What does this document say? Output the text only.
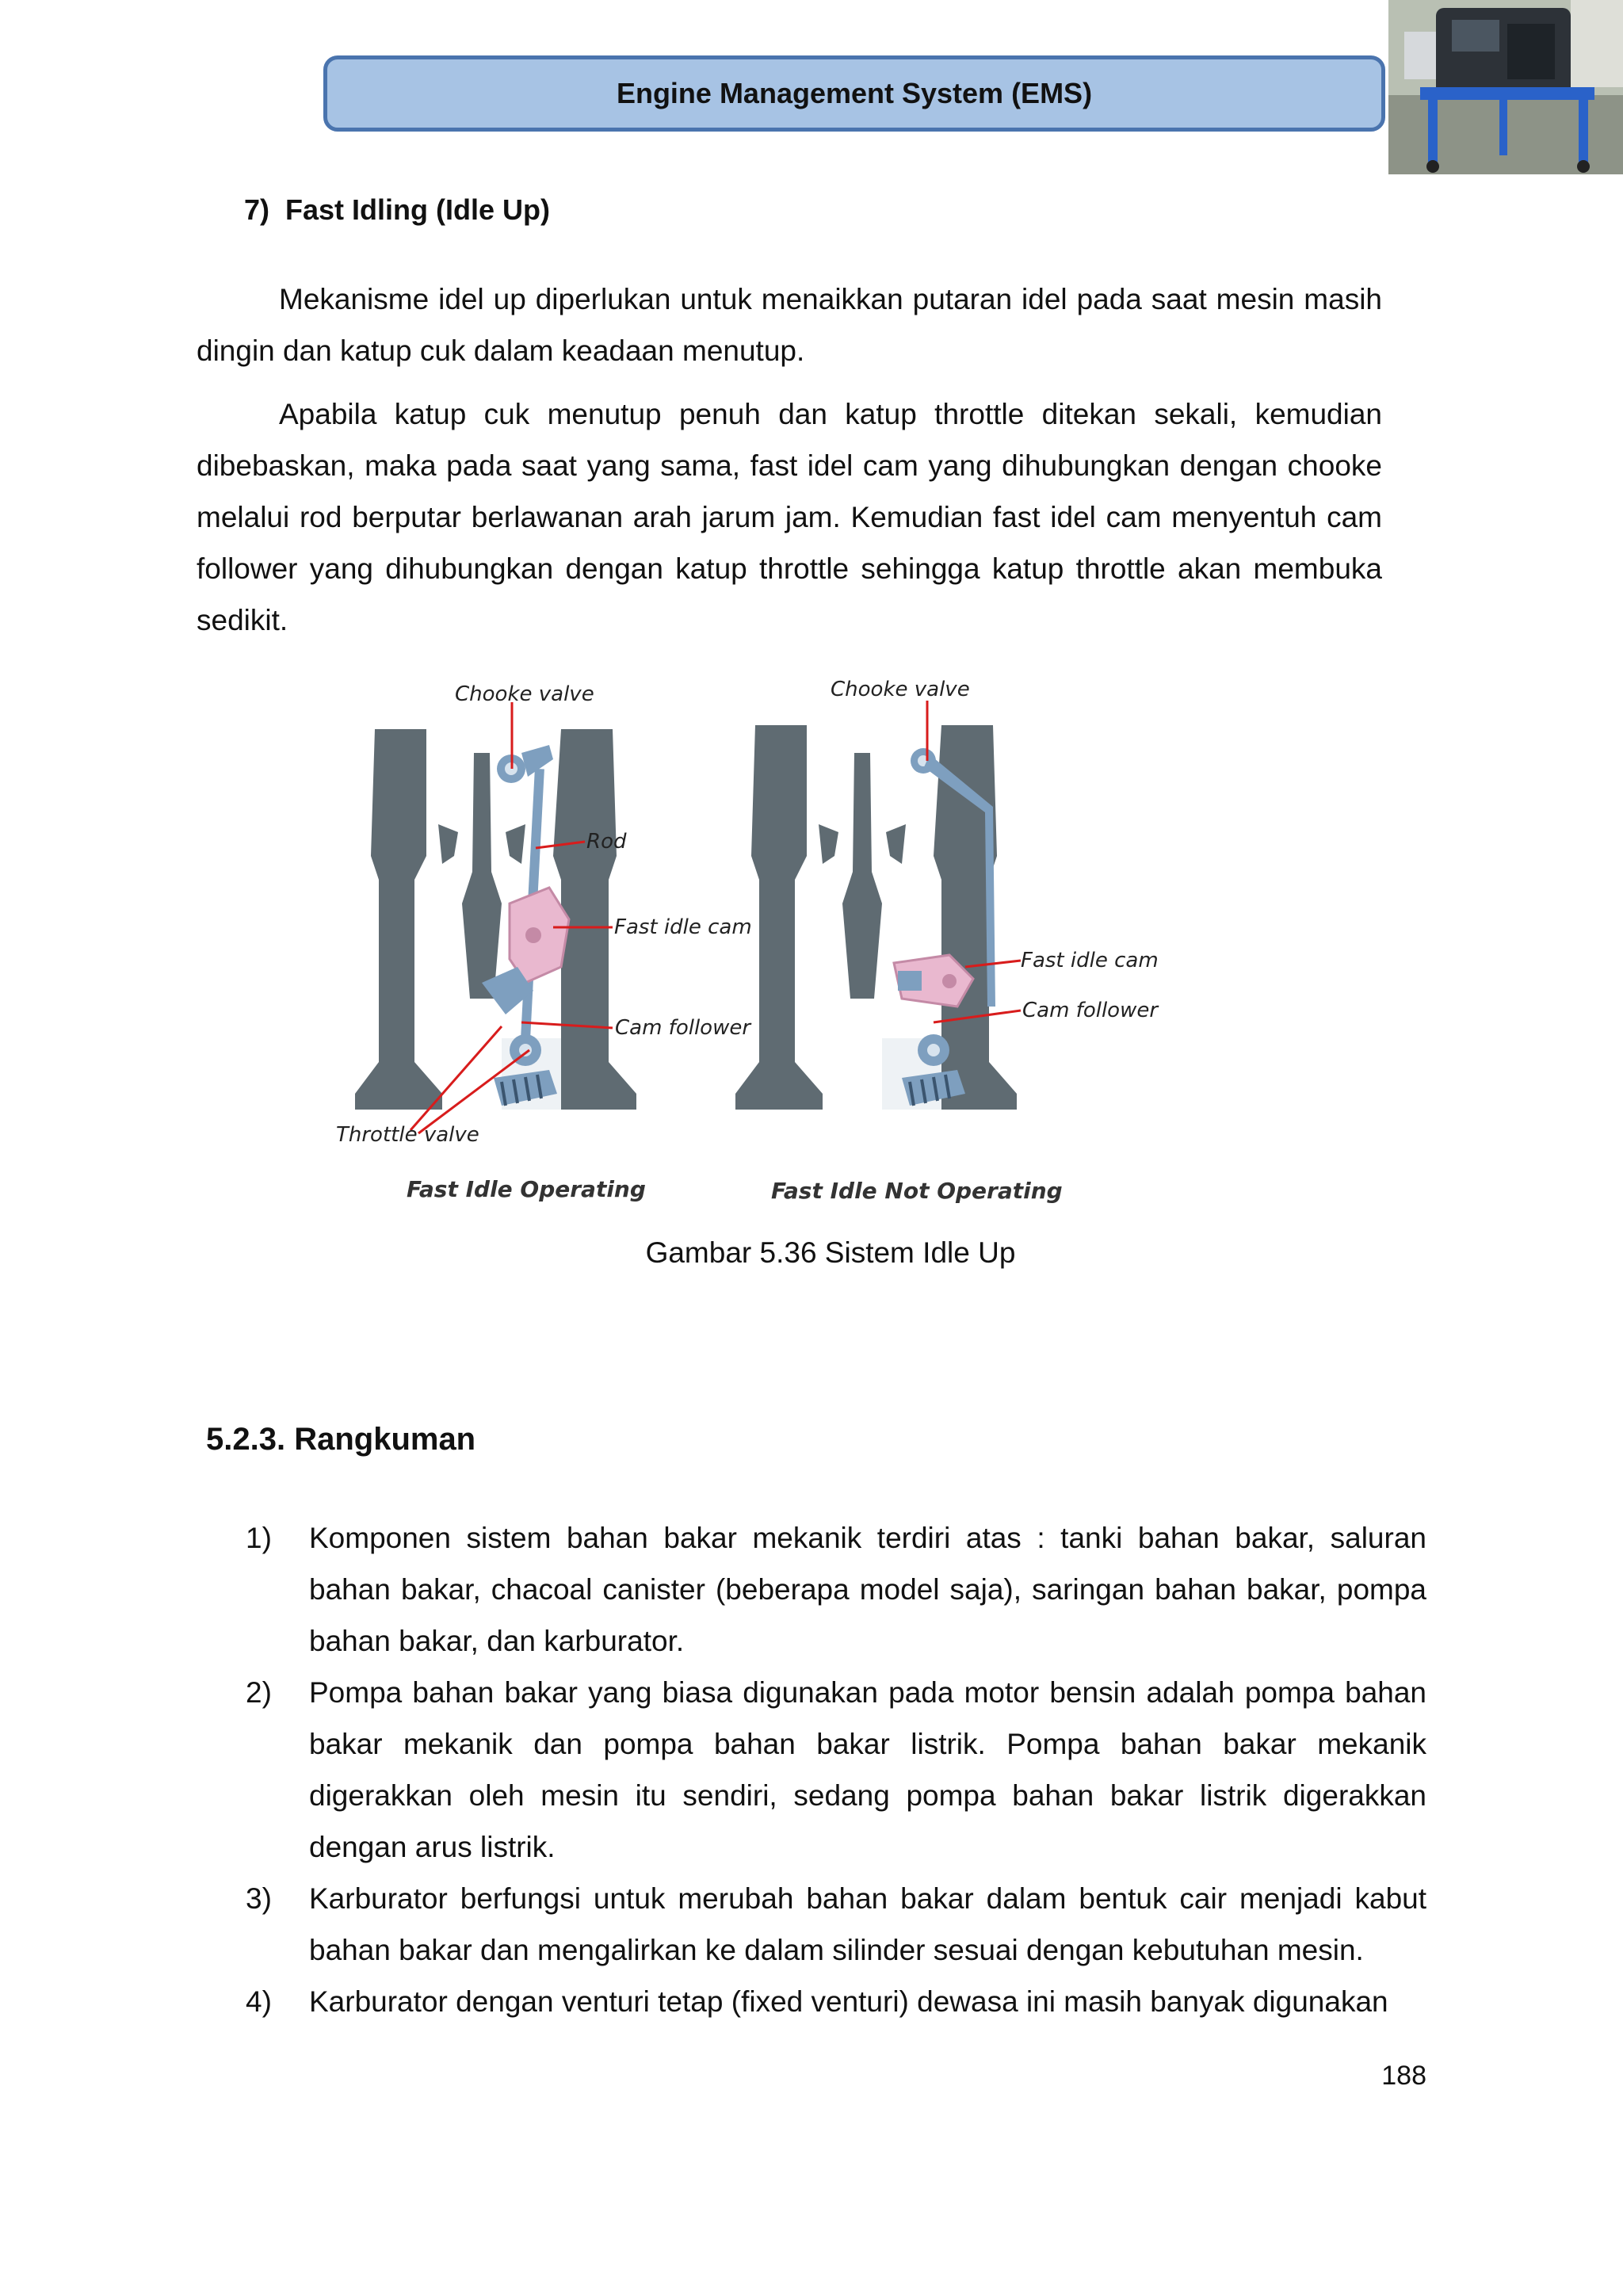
Engine Management System (EMS)
7)  Fast Idling (Idle Up)

Mekanisme idel up diperlukan untuk menaikkan putaran idel pada saat mesin masih dingin dan katup cuk dalam keadaan menutup.

Apabila katup cuk menutup penuh dan katup throttle ditekan sekali, kemudian dibebaskan, maka pada saat yang sama, fast idel cam yang dihubungkan dengan chooke melalui rod berputar berlawanan arah jarum jam. Kemudian fast idel cam menyentuh cam follower yang dihubungkan dengan katup throttle sehingga katup throttle akan membuka sedikit.

Chooke valve
Rod
Fast idle cam
Cam follower
Throttle valve
Fast Idle Operating
Chooke valve
Fast idle cam
Cam follower
Fast Idle Not Operating
Gambar 5.36 Sistem Idle Up
5.2.3. Rangkuman
1) Komponen sistem bahan bakar mekanik terdiri atas : tanki bahan bakar, saluran bahan bakar, chacoal canister (beberapa model saja), saringan bahan bakar, pompa bahan bakar, dan karburator.
2) Pompa bahan bakar yang biasa digunakan pada motor bensin adalah pompa bahan bakar mekanik dan pompa bahan bakar listrik. Pompa bahan bakar mekanik digerakkan oleh mesin itu sendiri, sedang pompa bahan bakar listrik digerakkan dengan arus listrik.
3) Karburator berfungsi untuk merubah bahan bakar dalam bentuk cair menjadi kabut bahan bakar dan mengalirkan ke dalam silinder sesuai dengan kebutuhan mesin.
4) Karburator dengan venturi tetap (fixed venturi) dewasa ini masih banyak digunakan
188
